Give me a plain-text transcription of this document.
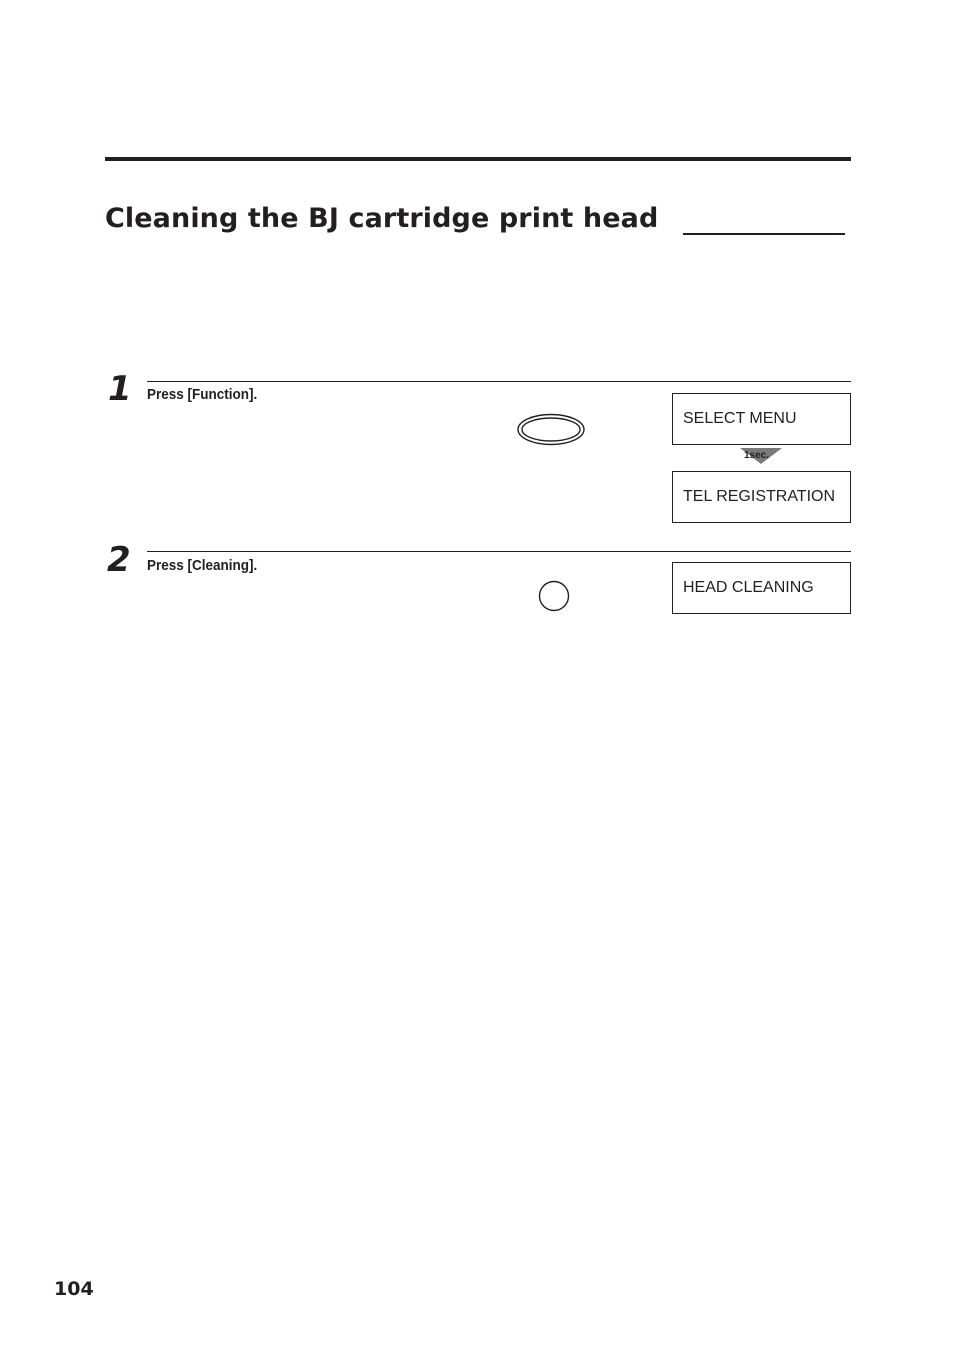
Cleaning the BJ cartridge print head
1 Press [Function].
SELECT MENU
1sec.
TEL REGISTRATION
2 Press [Cleaning].
HEAD CLEANING
104
